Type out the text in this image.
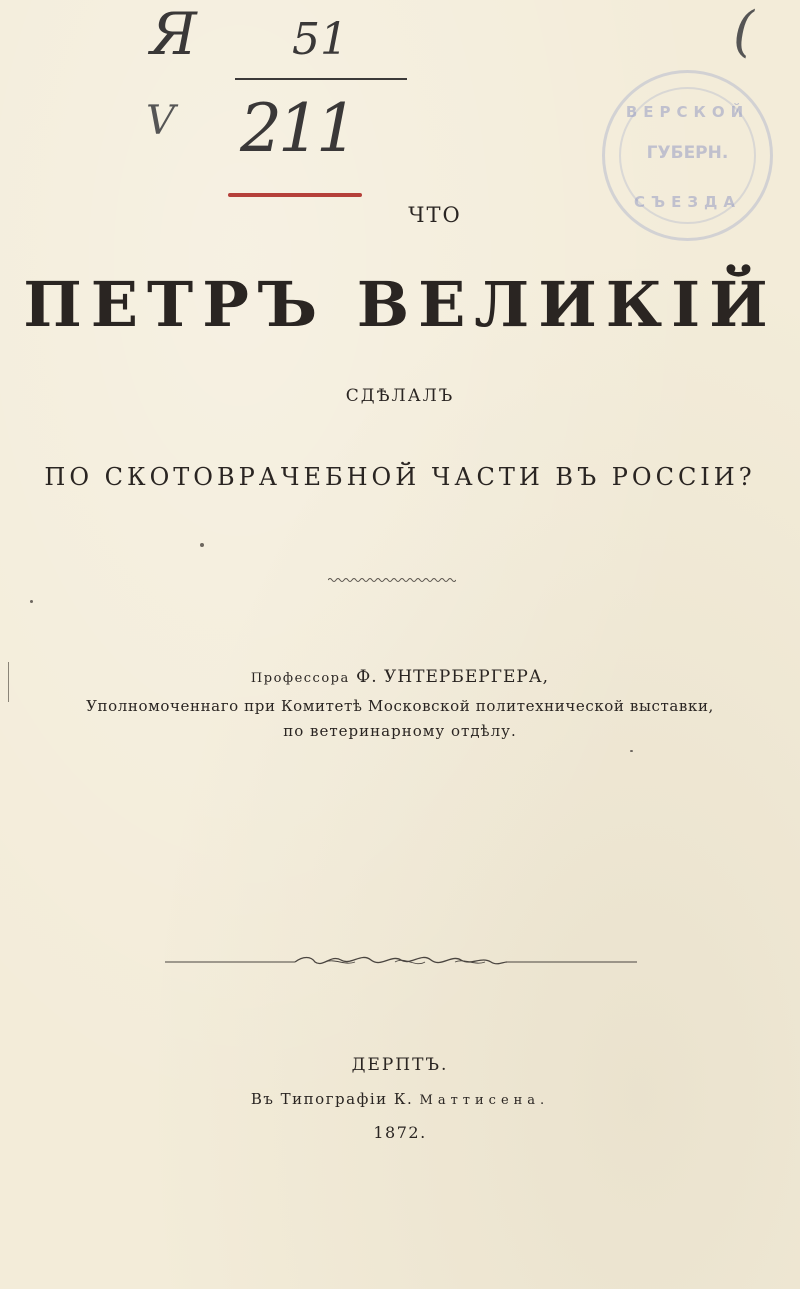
Я 51
V 211
(
ВЕРСКОЙ
ГУБЕРН.
СЪЕЗДА
ЧТО
ПЕТРЪ ВЕЛИКІЙ
СДѢЛАЛЪ
ПО СКОТОВРАЧЕБНОЙ ЧАСТИ ВЪ РОССІИ?
Профессора Ф. УНТЕРБЕРГЕРА,
Уполномоченнаго при Комитетѣ Московской политехнической выставки,
по ветеринарному отдѣлу.
ДЕРПТЪ.
Въ Типографіи К. Маттисена.
1872.
